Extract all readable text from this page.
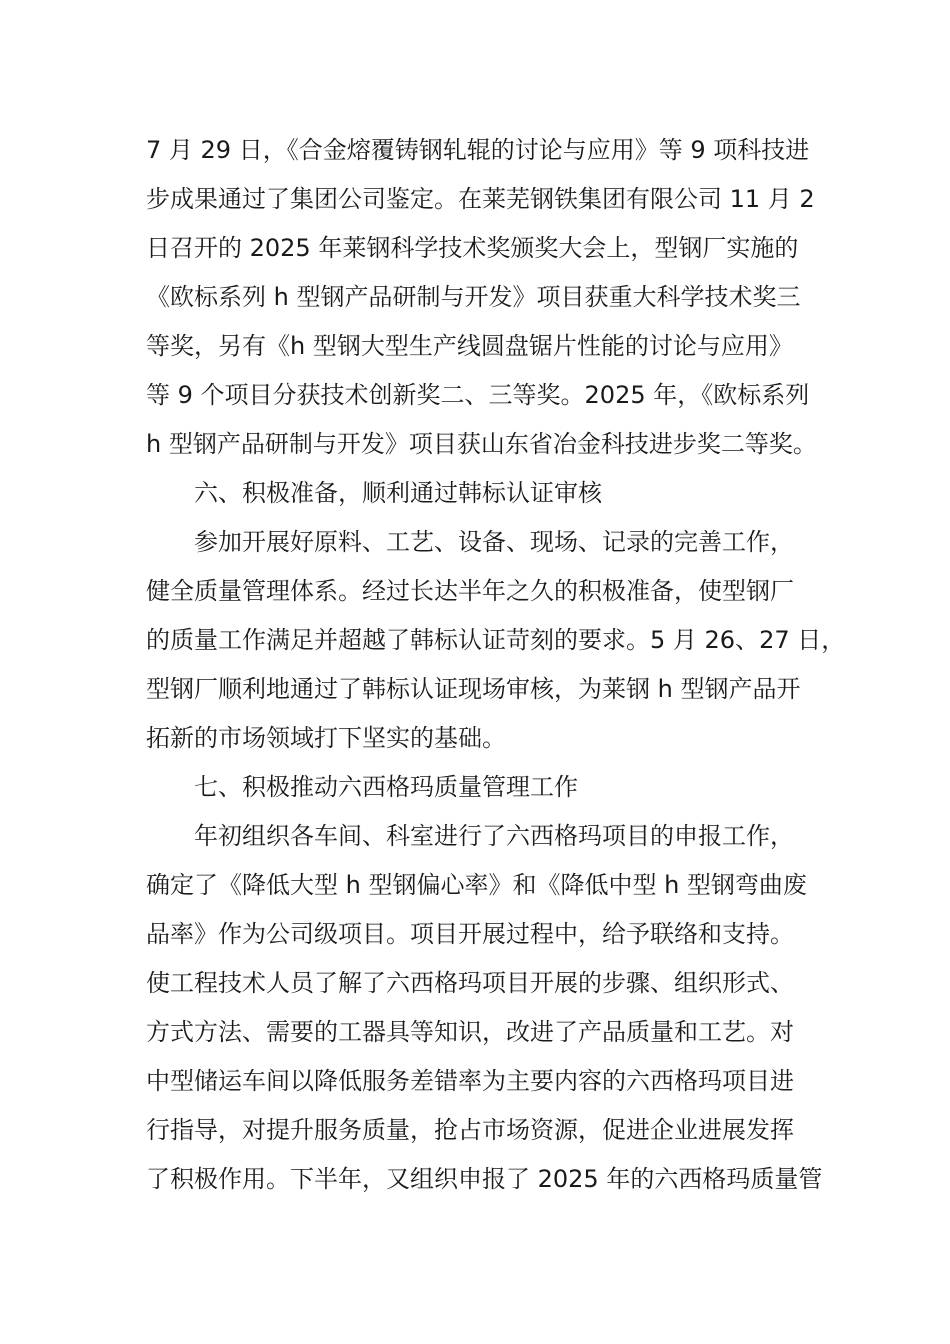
7 月 29 日，《合金熔覆铸钢轧辊的讨论与应用》等 9 项科技进
步成果通过了集团公司鉴定。在莱芜钢铁集团有限公司 11 月 2
日召开的 2025 年莱钢科学技术奖颁奖大会上，型钢厂实施的
《欧标系列 h 型钢产品研制与开发》项目获重大科学技术奖三
等奖，另有《h 型钢大型生产线圆盘锯片性能的讨论与应用》
等 9 个项目分获技术创新奖二、三等奖。2025 年，《欧标系列
h 型钢产品研制与开发》项目获山东省冶金科技进步奖二等奖。
六、积极准备，顺利通过韩标认证审核
参加开展好原料、工艺、设备、现场、记录的完善工作，
健全质量管理体系。经过长达半年之久的积极准备，使型钢厂
的质量工作满足并超越了韩标认证苛刻的要求。5 月 26、27 日，
型钢厂顺利地通过了韩标认证现场审核，为莱钢 h 型钢产品开
拓新的市场领域打下坚实的基础。
七、积极推动六西格玛质量管理工作
年初组织各车间、科室进行了六西格玛项目的申报工作，
确定了《降低大型 h 型钢偏心率》和《降低中型 h 型钢弯曲废
品率》作为公司级项目。项目开展过程中，给予联络和支持。
使工程技术人员了解了六西格玛项目开展的步骤、组织形式、
方式方法、需要的工器具等知识，改进了产品质量和工艺。对
中型储运车间以降低服务差错率为主要内容的六西格玛项目进
行指导，对提升服务质量，抢占市场资源，促进企业进展发挥
了积极作用。下半年，又组织申报了 2025 年的六西格玛质量管
